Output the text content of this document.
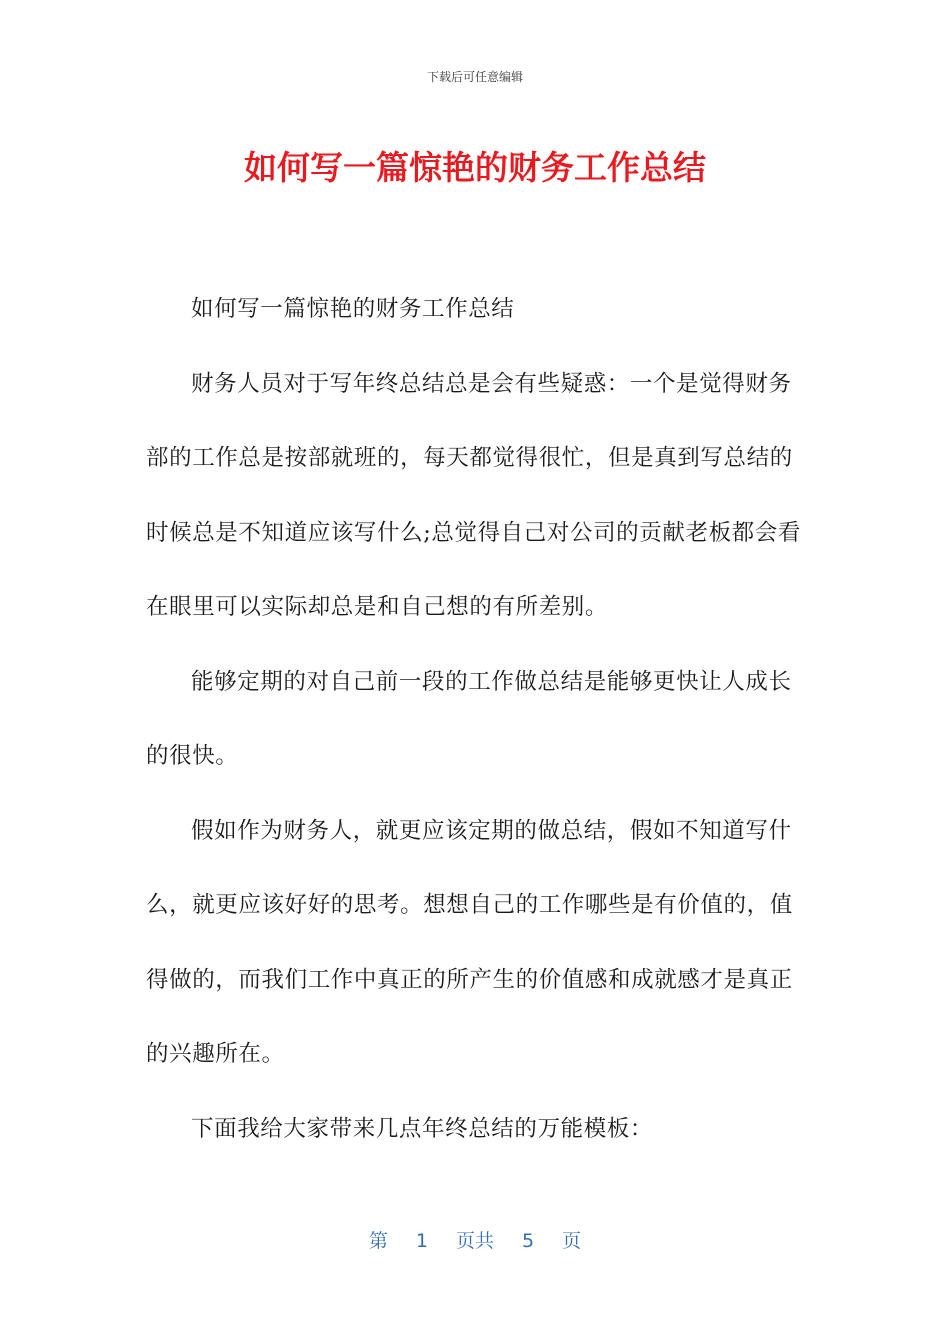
下载后可任意编辑
如何写一篇惊艳的财务工作总结

如何写一篇惊艳的财务工作总结

财务人员对于写年终总结总是会有些疑惑：一个是觉得财务部的工作总是按部就班的，每天都觉得很忙，但是真到写总结的时候总是不知道应该写什么;总觉得自己对公司的贡献老板都会看在眼里可以实际却总是和自己想的有所差别。

能够定期的对自己前一段的工作做总结是能够更快让人成长的很快。

假如作为财务人，就更应该定期的做总结，假如不知道写什么，就更应该好好的思考。想想自己的工作哪些是有价值的，值得做的，而我们工作中真正的所产生的价值感和成就感才是真正的兴趣所在。

下面我给大家带来几点年终总结的万能模板：

第 1 页共 5 页
